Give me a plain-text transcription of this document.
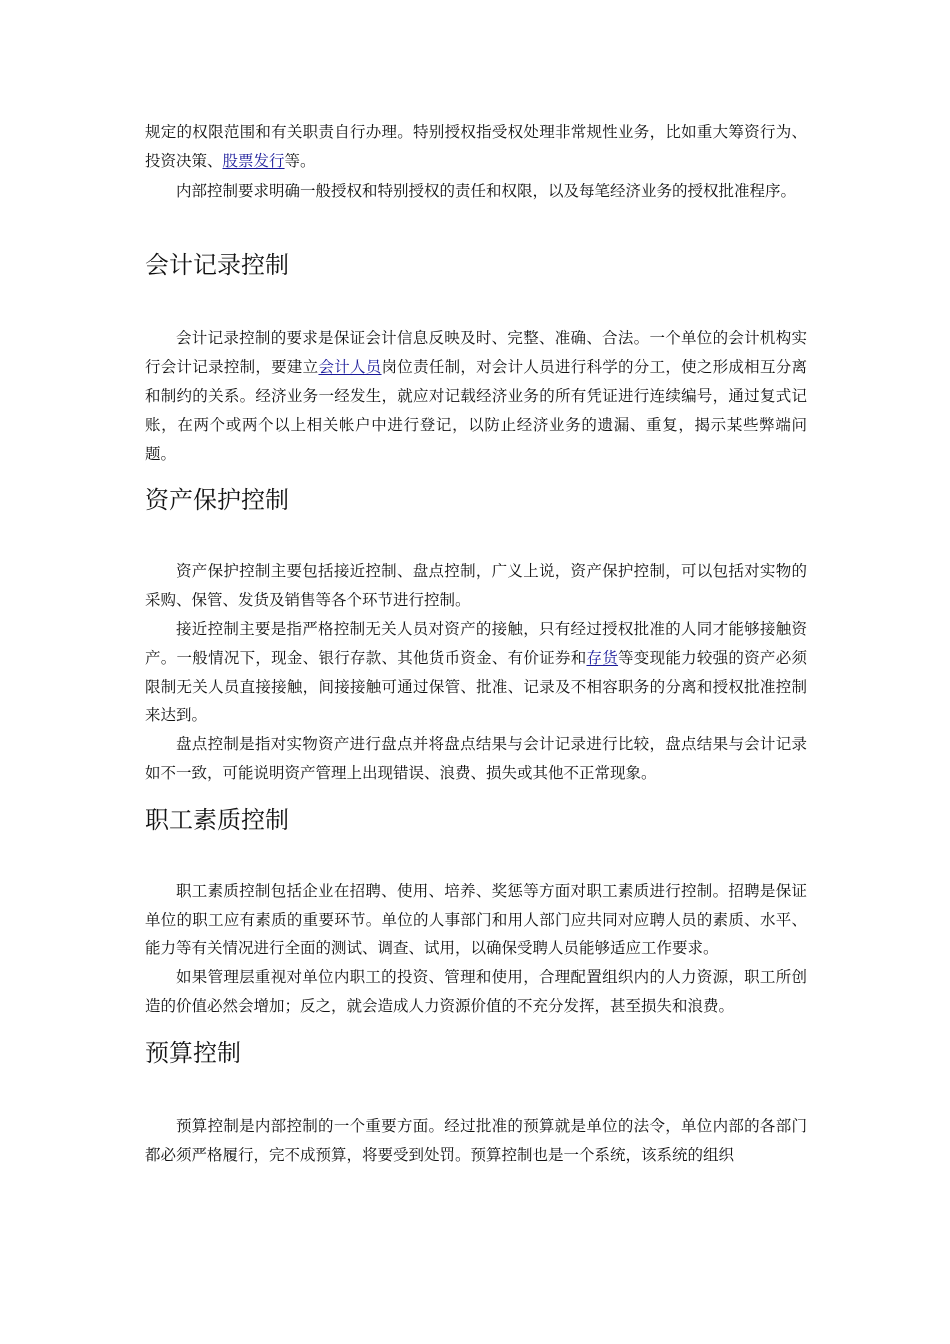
规定的权限范围和有关职责自行办理。特别授权指受权处理非常规性业务，比如重大筹资行为、投资决策、股票发行等。

内部控制要求明确一般授权和特别授权的责任和权限，以及每笔经济业务的授权批准程序。

会计记录控制

会计记录控制的要求是保证会计信息反映及时、完整、准确、合法。一个单位的会计机构实行会计记录控制，要建立会计人员岗位责任制，对会计人员进行科学的分工，使之形成相互分离和制约的关系。经济业务一经发生，就应对记载经济业务的所有凭证进行连续编号，通过复式记账，在两个或两个以上相关帐户中进行登记，以防止经济业务的遗漏、重复，揭示某些弊端问题。

资产保护控制

资产保护控制主要包括接近控制、盘点控制，广义上说，资产保护控制，可以包括对实物的采购、保管、发货及销售等各个环节进行控制。

接近控制主要是指严格控制无关人员对资产的接触，只有经过授权批准的人同才能够接触资产。一般情况下，现金、银行存款、其他货币资金、有价证券和存货等变现能力较强的资产必须限制无关人员直接接触，间接接触可通过保管、批准、记录及不相容职务的分离和授权批准控制来达到。

盘点控制是指对实物资产进行盘点并将盘点结果与会计记录进行比较，盘点结果与会计记录如不一致，可能说明资产管理上出现错误、浪费、损失或其他不正常现象。

职工素质控制

职工素质控制包括企业在招聘、使用、培养、奖惩等方面对职工素质进行控制。招聘是保证单位的职工应有素质的重要环节。单位的人事部门和用人部门应共同对应聘人员的素质、水平、能力等有关情况进行全面的测试、调查、试用，以确保受聘人员能够适应工作要求。

如果管理层重视对单位内职工的投资、管理和使用，合理配置组织内的人力资源，职工所创造的价值必然会增加；反之，就会造成人力资源价值的不充分发挥，甚至损失和浪费。

预算控制

预算控制是内部控制的一个重要方面。经过批准的预算就是单位的法令，单位内部的各部门都必须严格履行，完不成预算，将要受到处罚。预算控制也是一个系统，该系统的组织
